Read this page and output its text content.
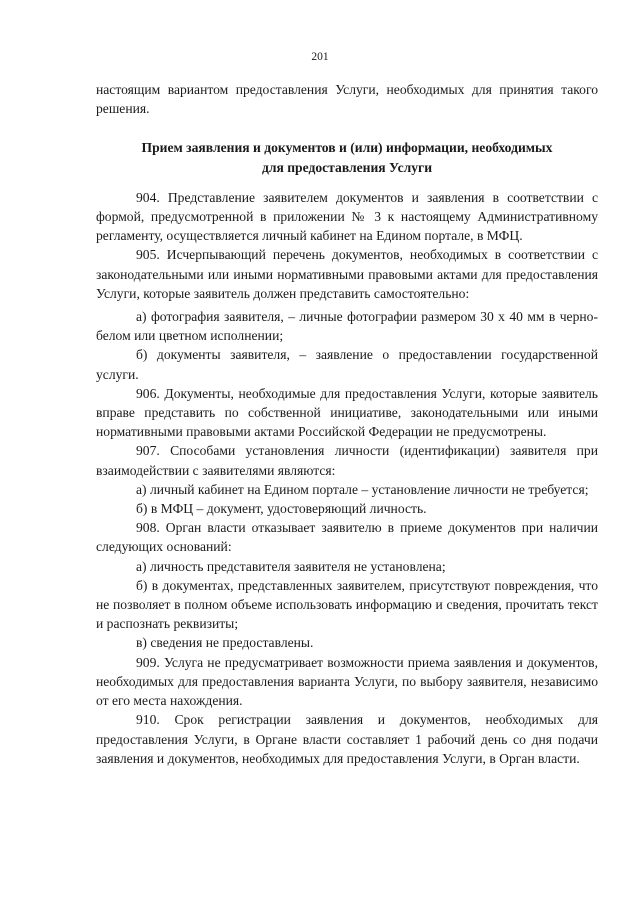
201

настоящим вариантом предоставления Услуги, необходимых для принятия такого решения.

Прием заявления и документов и (или) информации, необходимых
для предоставления Услуги

904. Представление заявителем документов и заявления в соответствии с формой, предусмотренной в приложении № 3 к настоящему Административному регламенту, осуществляется личный кабинет на Едином портале, в МФЦ.

905. Исчерпывающий перечень документов, необходимых в соответствии с законодательными или иными нормативными правовыми актами для предоставления Услуги, которые заявитель должен представить самостоятельно:

а) фотография заявителя, – личные фотографии размером 30 х 40 мм в черно-белом или цветном исполнении;

б) документы заявителя, – заявление о предоставлении государственной услуги.

906. Документы, необходимые для предоставления Услуги, которые заявитель вправе представить по собственной инициативе, законодательными или иными нормативными правовыми актами Российской Федерации не предусмотрены.

907. Способами установления личности (идентификации) заявителя при взаимодействии с заявителями являются:

а) личный кабинет на Едином портале – установление личности не требуется;

б) в МФЦ – документ, удостоверяющий личность.

908. Орган власти отказывает заявителю в приеме документов при наличии следующих оснований:

а) личность представителя заявителя не установлена;

б) в документах, представленных заявителем, присутствуют повреждения, что не позволяет в полном объеме использовать информацию и сведения, прочитать текст и распознать реквизиты;

в) сведения не предоставлены.

909. Услуга не предусматривает возможности приема заявления и документов, необходимых для предоставления варианта Услуги, по выбору заявителя, независимо от его места нахождения.

910. Срок регистрации заявления и документов, необходимых для предоставления Услуги, в Органе власти составляет 1 рабочий день со дня подачи заявления и документов, необходимых для предоставления Услуги, в Орган власти.
